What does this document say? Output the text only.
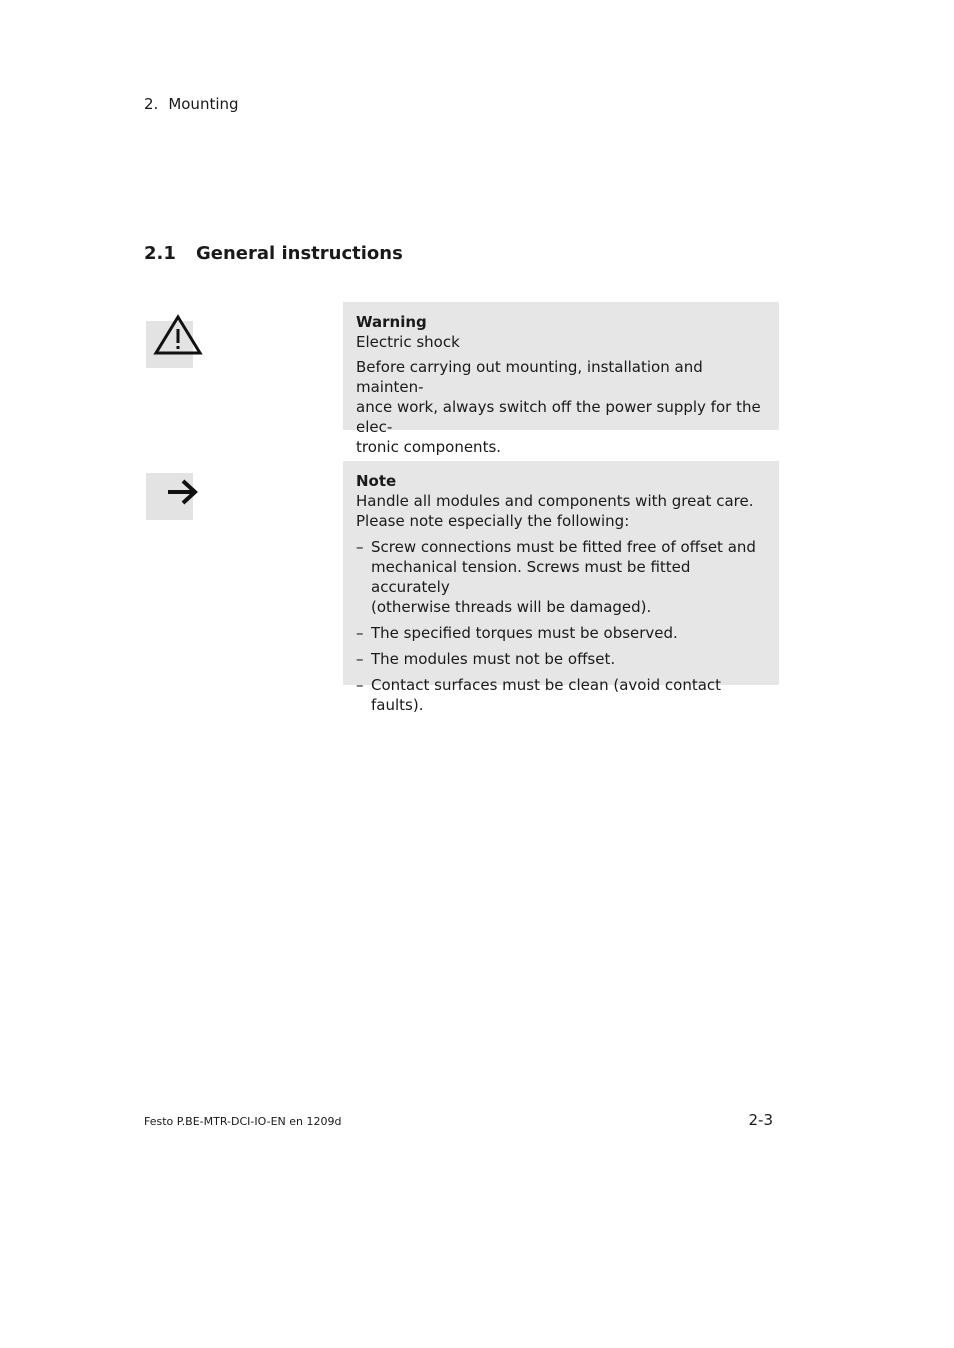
2. Mounting
2.1 General instructions
Warning
Electric shock
Before carrying out mounting, installation and mainten-
ance work, always switch off the power supply for the elec-
tronic components.
Note
Handle all modules and components with great care.
Please note especially the following:
– Screw connections must be fitted free of offset and
mechanical tension. Screws must be fitted accurately
(otherwise threads will be damaged).
– The specified torques must be observed.
– The modules must not be offset.
– Contact surfaces must be clean (avoid contact faults).
Festo P.BE-MTR-DCI-IO-EN en 1209d	2-3
